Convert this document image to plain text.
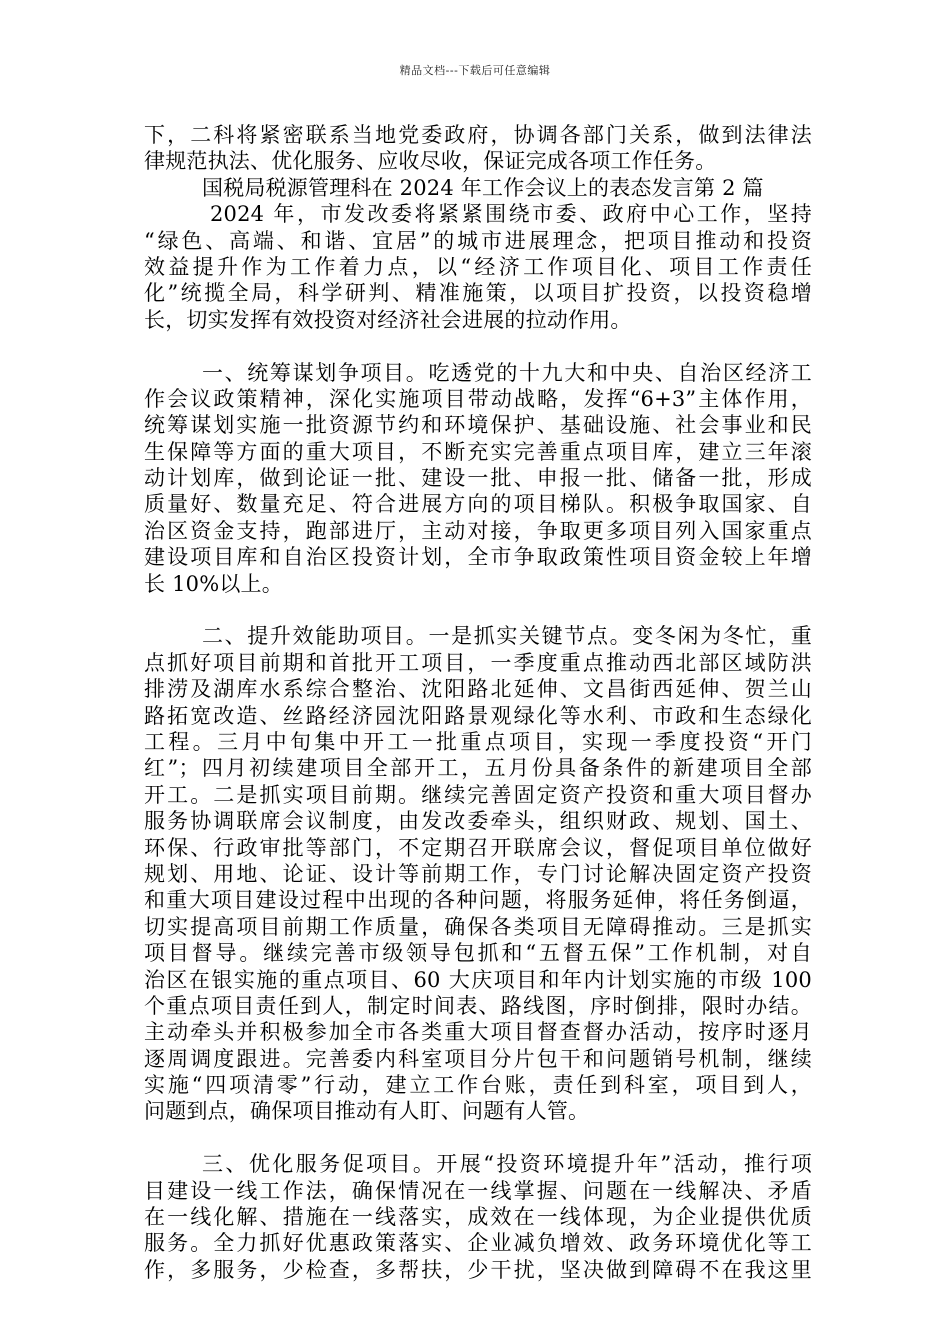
精品文档---下载后可任意编辑
下，二科将紧密联系当地党委政府，协调各部门关系，做到法律法
律规范执法、优化服务、应收尽收，保证完成各项工作任务。
国税局税源管理科在 2024 年工作会议上的表态发言第 2 篇
2024 年，市发改委将紧紧围绕市委、政府中心工作，坚持
“绿色、高端、和谐、宜居”的城市进展理念，把项目推动和投资
效益提升作为工作着力点，以“经济工作项目化、项目工作责任
化”统揽全局，科学研判、精准施策，以项目扩投资，以投资稳增
长，切实发挥有效投资对经济社会进展的拉动作用。
一、统筹谋划争项目。吃透党的十九大和中央、自治区经济工
作会议政策精神，深化实施项目带动战略，发挥“6+3”主体作用，
统筹谋划实施一批资源节约和环境保护、基础设施、社会事业和民
生保障等方面的重大项目，不断充实完善重点项目库，建立三年滚
动计划库，做到论证一批、建设一批、申报一批、储备一批，形成
质量好、数量充足、符合进展方向的项目梯队。积极争取国家、自
治区资金支持，跑部进厅，主动对接，争取更多项目列入国家重点
建设项目库和自治区投资计划，全市争取政策性项目资金较上年增
长 10%以上。
二、提升效能助项目。一是抓实关键节点。变冬闲为冬忙，重
点抓好项目前期和首批开工项目，一季度重点推动西北部区域防洪
排涝及湖库水系综合整治、沈阳路北延伸、文昌街西延伸、贺兰山
路拓宽改造、丝路经济园沈阳路景观绿化等水利、市政和生态绿化
工程。三月中旬集中开工一批重点项目，实现一季度投资“开门
红”；四月初续建项目全部开工，五月份具备条件的新建项目全部
开工。二是抓实项目前期。继续完善固定资产投资和重大项目督办
服务协调联席会议制度，由发改委牵头，组织财政、规划、国土、
环保、行政审批等部门，不定期召开联席会议，督促项目单位做好
规划、用地、论证、设计等前期工作，专门讨论解决固定资产投资
和重大项目建设过程中出现的各种问题，将服务延伸，将任务倒逼，
切实提高项目前期工作质量，确保各类项目无障碍推动。三是抓实
项目督导。继续完善市级领导包抓和“五督五保”工作机制，对自
治区在银实施的重点项目、60 大庆项目和年内计划实施的市级 100
个重点项目责任到人，制定时间表、路线图，序时倒排，限时办结。
主动牵头并积极参加全市各类重大项目督查督办活动，按序时逐月
逐周调度跟进。完善委内科室项目分片包干和问题销号机制，继续
实施“四项清零”行动，建立工作台账，责任到科室，项目到人，
问题到点，确保项目推动有人盯、问题有人管。
三、优化服务促项目。开展“投资环境提升年”活动，推行项
目建设一线工作法，确保情况在一线掌握、问题在一线解决、矛盾
在一线化解、措施在一线落实，成效在一线体现，为企业提供优质
服务。全力抓好优惠政策落实、企业减负增效、政务环境优化等工
作，多服务，少检查，多帮扶，少干扰，坚决做到障碍不在我这里
